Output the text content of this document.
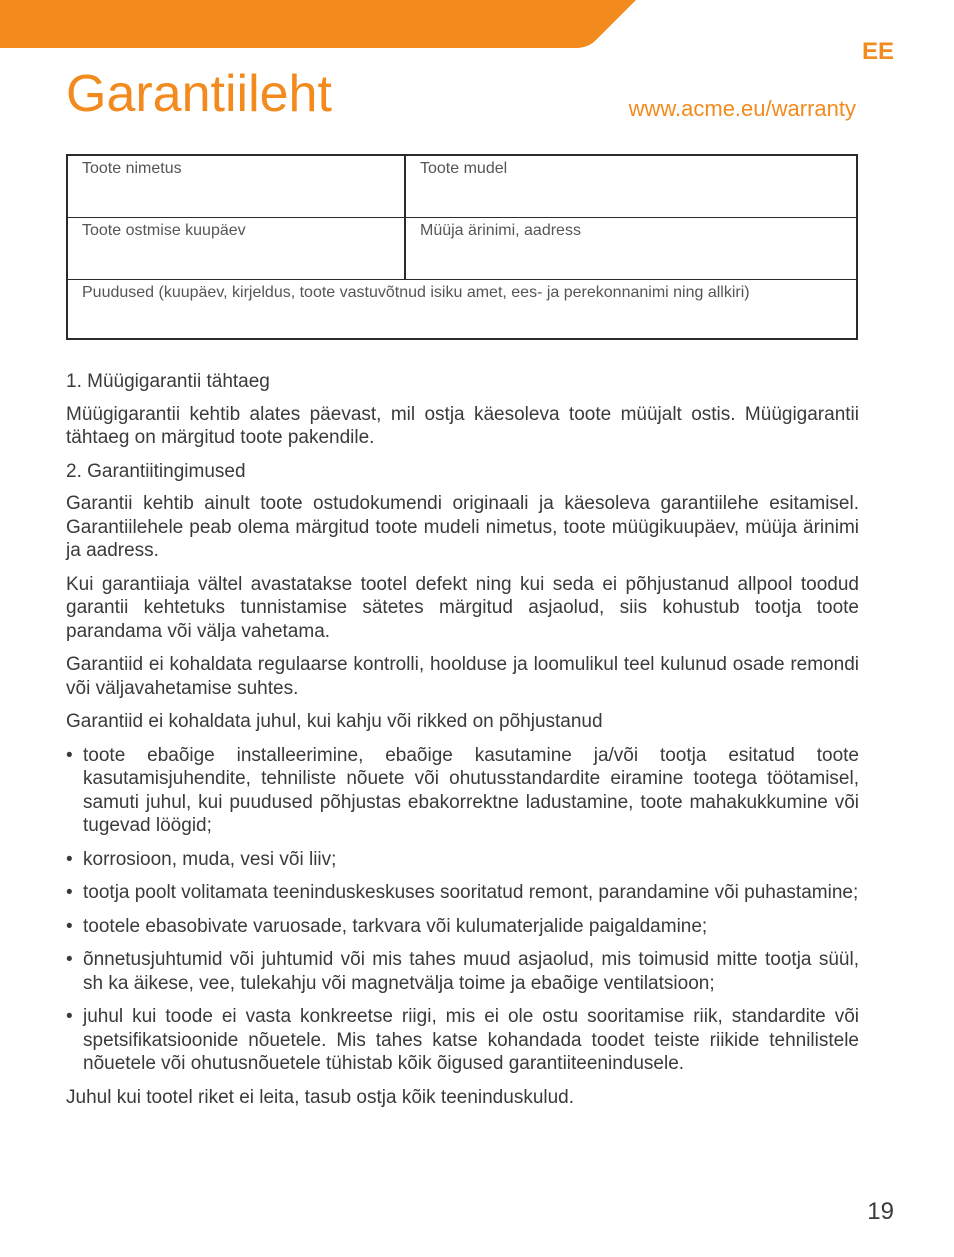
EE
Garantiileht	www.acme.eu/warranty
Toote nimetus	Toote mudel
Toote ostmise kuupäev	Müüja ärinimi, aadress
Puudused (kuupäev, kirjeldus, toote vastuvõtnud isiku amet, ees- ja perekonnanimi ning allkiri)

1. Müügigarantii tähtaeg

Müügigarantii kehtib alates päevast, mil ostja käesoleva toote müüjalt ostis. Müügigarantii tähtaeg on märgitud toote pakendile.

2. Garantiitingimused

Garantii kehtib ainult toote ostudokumendi originaali ja käesoleva garantiilehe esitamisel. Garantiilehele peab olema märgitud toote mudeli nimetus, toote müügikuupäev, müüja ärinimi ja aadress.

Kui garantiiaja vältel avastatakse tootel defekt ning kui seda ei põhjustanud allpool toodud garantii kehtetuks tunnistamise sätetes märgitud asjaolud, siis kohustub tootja toote parandama või välja vahetama.

Garantiid ei kohaldata regulaarse kontrolli, hoolduse ja loomulikul teel kulunud osade remondi või väljavahetamise suhtes.

Garantiid ei kohaldata juhul, kui kahju või rikked on põhjustanud

• toote ebaõige installeerimine, ebaõige kasutamine ja/või tootja esitatud toote kasutamisjuhendite, tehniliste nõuete või ohutusstandardite eiramine tootega töötamisel, samuti juhul, kui puudused põhjustas ebakorrektne ladustamine, toote mahakukkumine või tugevad löögid;
• korrosioon, muda, vesi või liiv;
• tootja poolt volitamata teeninduskeskuses sooritatud remont, parandamine või puhastamine;
• tootele ebasobivate varuosade, tarkvara või kulumaterjalide paigaldamine;
• õnnetusjuhtumid või juhtumid või mis tahes muud asjaolud, mis toimusid mitte tootja süül, sh ka äikese, vee, tulekahju või magnetvälja toime ja ebaõige ventilatsioon;
• juhul kui toode ei vasta konkreetse riigi, mis ei ole ostu sooritamise riik, standardite või spetsifikatsioonide nõuetele. Mis tahes katse kohandada toodet teiste riikide tehnilistele nõuetele või ohutusnõuetele tühistab kõik õigused garantiiteenindusele.

Juhul kui tootel riket ei leita, tasub ostja kõik teeninduskulud.

19
